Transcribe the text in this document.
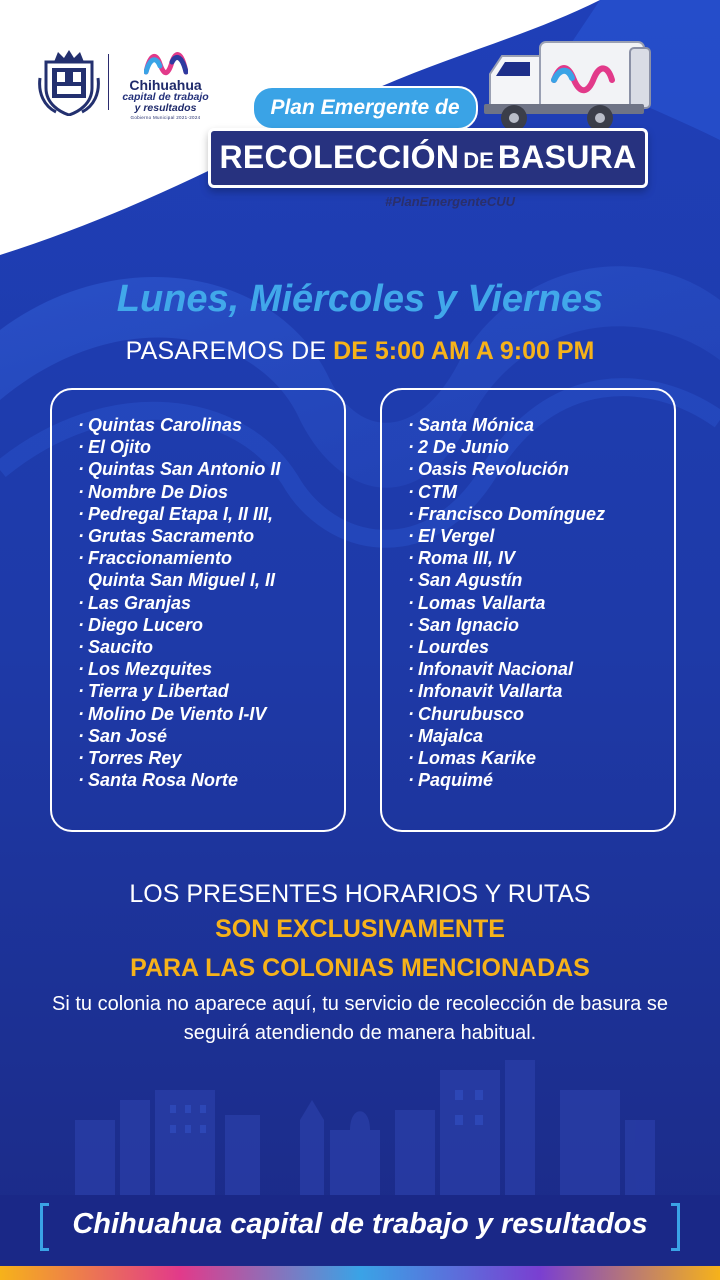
Chihuahua
capital de trabajo
y resultados
Gobierno Municipal 2021-2024	Plan Emergente de
RECOLECCIÓN DE BASURA
#PlanEmergenteCUU
Lunes, Miércoles y Viernes
PASAREMOS DE DE 5:00 AM A 9:00 PM
· Quintas Carolinas
· El Ojito
· Quintas San Antonio II
· Nombre De Dios
· Pedregal Etapa I, II III,
· Grutas Sacramento
· Fraccionamiento
Quinta San Miguel I, II
· Las Granjas
· Diego Lucero
· Saucito
· Los Mezquites
· Tierra y Libertad
· Molino De Viento I-IV
· San José
· Torres Rey
· Santa Rosa Norte
· Santa Mónica
· 2 De Junio
· Oasis Revolución
· CTM
· Francisco Domínguez
· El Vergel
· Roma III, IV
· San Agustín
· Lomas Vallarta
· San Ignacio
· Lourdes
· Infonavit Nacional
· Infonavit Vallarta
· Churubusco
· Majalca
· Lomas Karike
· Paquimé
LOS PRESENTES HORARIOS Y RUTAS
SON EXCLUSIVAMENTE
PARA LAS COLONIAS MENCIONADAS
Si tu colonia no aparece aquí, tu servicio de recolección de basura se seguirá atendiendo de manera habitual.
Chihuahua capital de trabajo y resultados
